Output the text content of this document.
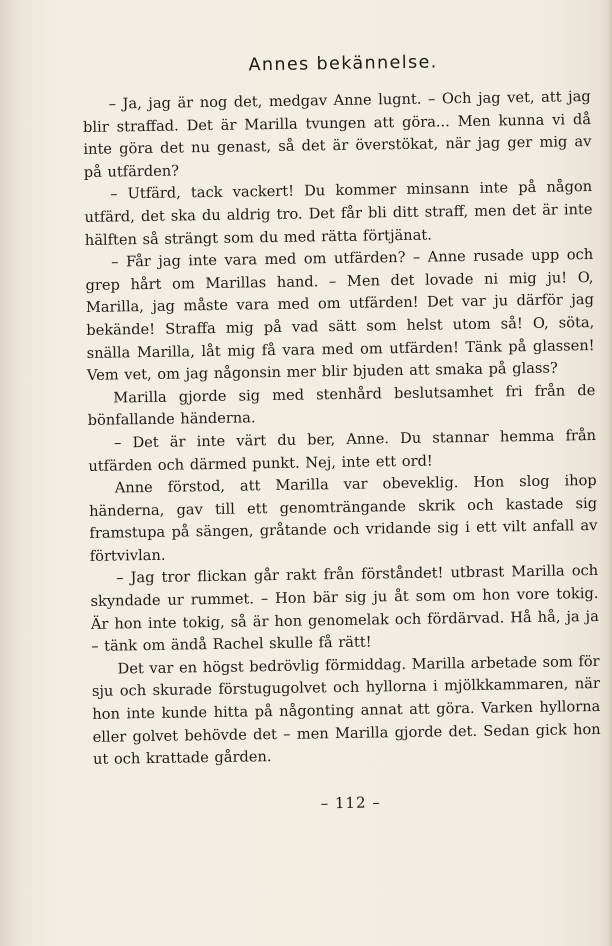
Annes bekännelse.

– Ja, jag är nog det, medgav Anne lugnt. – Och jag vet, att jag blir straffad. Det är Marilla tvungen att göra... Men kunna vi då inte göra det nu genast, så det är överstökat, när jag ger mig av på utfärden?

– Utfärd, tack vackert! Du kommer minsann inte på någon utfärd, det ska du aldrig tro. Det får bli ditt straff, men det är inte hälften så strängt som du med rätta förtjänat.

– Får jag inte vara med om utfärden? – Anne rusade upp och grep hårt om Marillas hand. – Men det lovade ni mig ju! O, Marilla, jag måste vara med om utfärden! Det var ju därför jag bekände! Straffa mig på vad sätt som helst utom så! O, söta, snälla Marilla, låt mig få vara med om utfärden! Tänk på glassen! Vem vet, om jag någonsin mer blir bjuden att smaka på glass?

Marilla gjorde sig med stenhård beslutsamhet fri från de bönfallande händerna.

– Det är inte värt du ber, Anne. Du stannar hemma från utfärden och därmed punkt. Nej, inte ett ord!

Anne förstod, att Marilla var obeveklig. Hon slog ihop händerna, gav till ett genomträngande skrik och kastade sig framstupa på sängen, gråtande och vridande sig i ett vilt anfall av förtvivlan.

– Jag tror flickan går rakt från förståndet! utbrast Marilla och skyndade ur rummet. – Hon bär sig ju åt som om hon vore tokig. Är hon inte tokig, så är hon genomelak och fördärvad. Hå hå, ja ja – tänk om ändå Rachel skulle få rätt!

Det var en högst bedrövlig förmiddag. Marilla arbetade som för sju och skurade förstugugolvet och hyllorna i mjölkkammaren, när hon inte kunde hitta på någonting annat att göra. Varken hyllorna eller golvet behövde det – men Marilla gjorde det. Sedan gick hon ut och krattade gården.

– 112 –
